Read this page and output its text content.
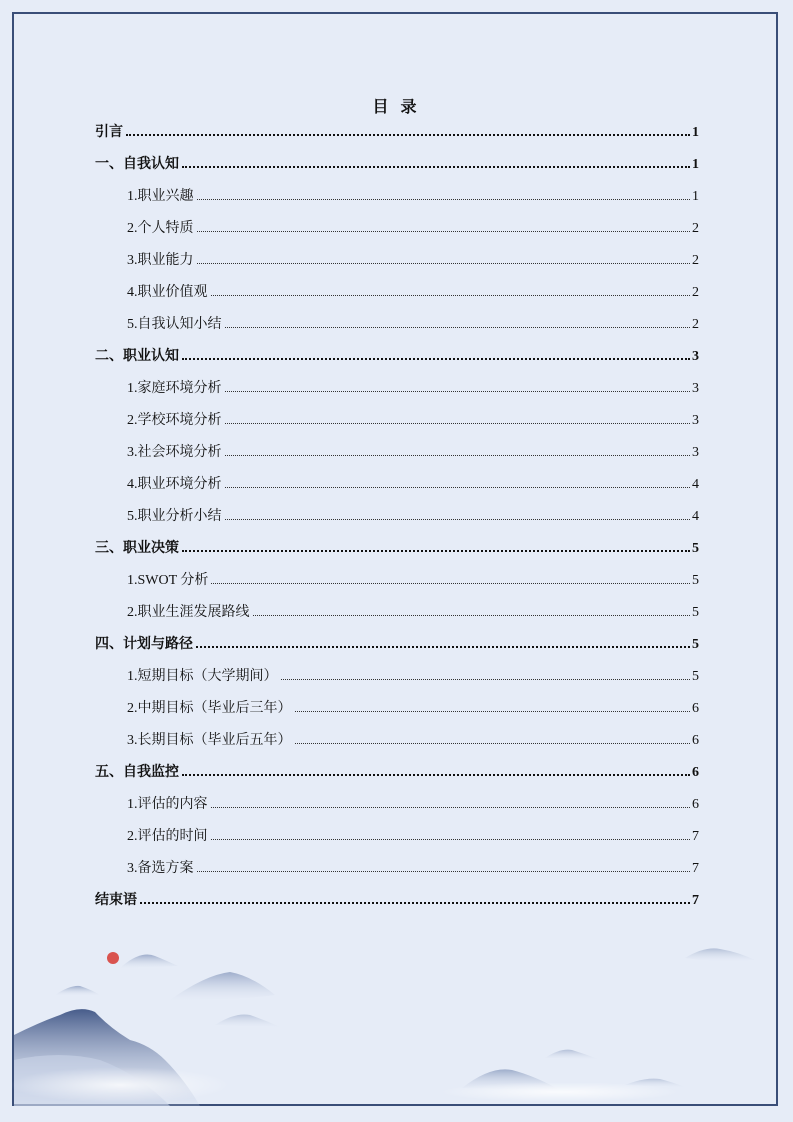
目 录
引言	1
一、自我认知	1
1.职业兴趣	1
2.个人特质	2
3.职业能力	2
4.职业价值观	2
5.自我认知小结	2
二、职业认知	3
1.家庭环境分析	3
2.学校环境分析	3
3.社会环境分析	3
4.职业环境分析	4
5.职业分析小结	4
三、职业决策	5
1.SWOT 分析	5
2.职业生涯发展路线	5
四、计划与路径	5
1.短期目标（大学期间）	5
2.中期目标（毕业后三年）	6
3.长期目标（毕业后五年）	6
五、自我监控	6
1.评估的内容	6
2.评估的时间	7
3.备选方案	7
结束语	7
